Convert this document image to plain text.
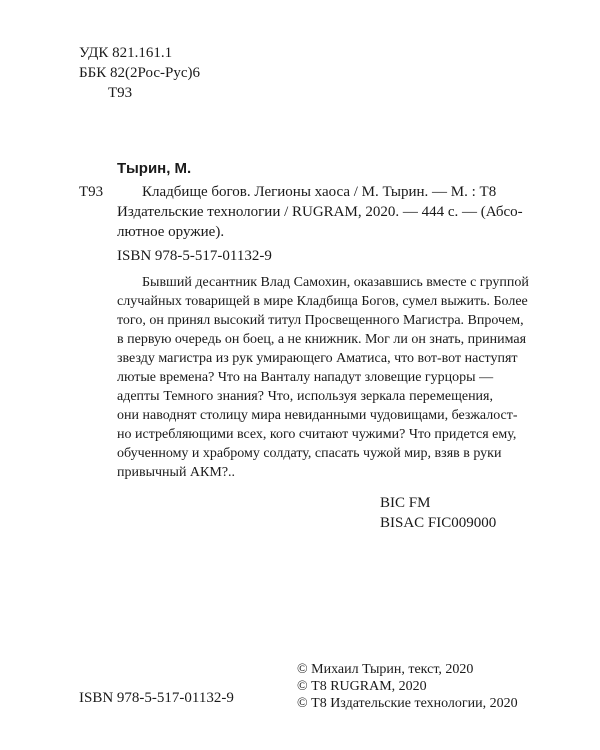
УДК 821.161.1
ББК 82(2Рос-Рус)6
Т93
Тырин, М.
Т93	Кладбище богов. Легионы хаоса / М. Тырин. — М. : Т8
Издательские технологии / RUGRAM, 2020. — 444 с. — (Абсо-
лютное оружие).
ISBN 978-5-517-01132-9
Бывший десантник Влад Самохин, оказавшись вместе с группой
случайных товарищей в мире Кладбища Богов, сумел выжить. Более
того, он принял высокий титул Просвещенного Магистра. Впрочем,
в первую очередь он боец, а не книжник. Мог ли он знать, принимая
звезду магистра из рук умирающего Аматиса, что вот-вот наступят
лютые времена? Что на Ванталу нападут зловещие гурцоры —
адепты Темного знания? Что, используя зеркала перемещения,
они наводнят столицу мира невиданными чудовищами, безжалост-
но истребляющими всех, кого считают чужими? Что придется ему,
обученному и храброму солдату, спасать чужой мир, взяв в руки
привычный АКМ?..
BIC FM
BISAC FIC009000
ISBN 978-5-517-01132-9
© Михаил Тырин, текст, 2020
© Т8 RUGRAM, 2020
© Т8 Издательские технологии, 2020
